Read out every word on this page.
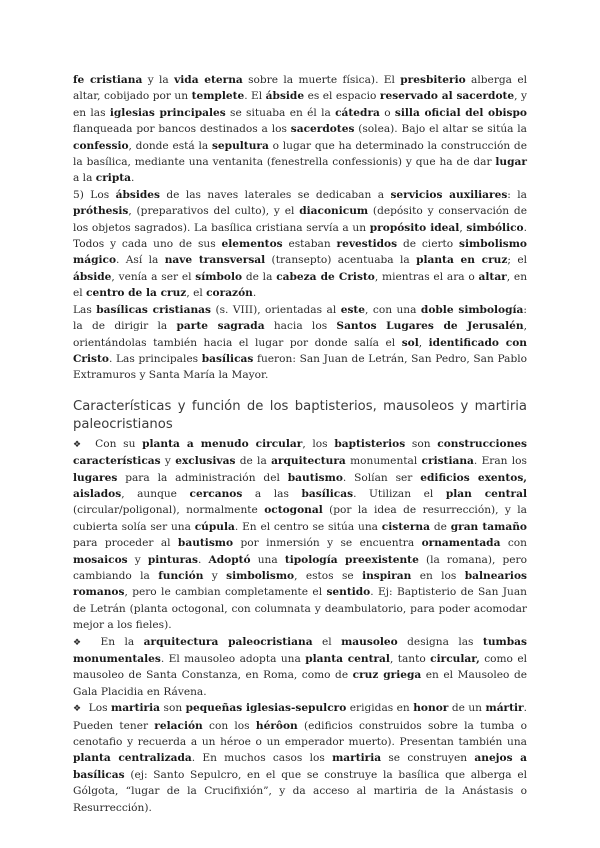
fe cristiana y la vida eterna sobre la muerte física). El presbiterio alberga el altar, cobijado por un templete. El ábside es el espacio reservado al sacerdote, y en las iglesias principales se situaba en él la cátedra o silla oficial del obispo flanqueada por bancos destinados a los sacerdotes (solea). Bajo el altar se sitúa la confessio, donde está la sepultura o lugar que ha determinado la construcción de la basílica, mediante una ventanita (fenestrella confessionis) y que ha de dar lugar a la cripta.

5) Los ábsides de las naves laterales se dedicaban a servicios auxiliares: la próthesis, (preparativos del culto), y el diaconicum (depósito y conservación de los objetos sagrados). La basílica cristiana servía a un propósito ideal, simbólico. Todos y cada uno de sus elementos estaban revestidos de cierto simbolismo mágico. Así la nave transversal (transepto) acentuaba la planta en cruz; el ábside, venía a ser el símbolo de la cabeza de Cristo, mientras el ara o altar, en el centro de la cruz, el corazón.

Las basílicas cristianas (s. VIII), orientadas al este, con una doble simbología: la de dirigir la parte sagrada hacia los Santos Lugares de Jerusalén, orientándolas también hacia el lugar por donde salía el sol, identificado con Cristo. Las principales basílicas fueron: San Juan de Letrán, San Pedro, San Pablo Extramuros y Santa María la Mayor.

Características y función de los baptisterios, mausoleos y martiria paleocristianos

❖ Con su planta a menudo circular, los baptisterios son construcciones características y exclusivas de la arquitectura monumental cristiana. Eran los lugares para la administración del bautismo. Solían ser edificios exentos, aislados, aunque cercanos a las basílicas. Utilizan el plan central (circular/poligonal), normalmente octogonal (por la idea de resurrección), y la cubierta solía ser una cúpula. En el centro se sitúa una cisterna de gran tamaño para proceder al bautismo por inmersión y se encuentra ornamentada con mosaicos y pinturas. Adoptó una tipología preexistente (la romana), pero cambiando la función y simbolismo, estos se inspiran en los balnearios romanos, pero le cambian completamente el sentido. Ej: Baptisterio de San Juan de Letrán (planta octogonal, con columnata y deambulatorio, para poder acomodar mejor a los fieles).

❖ En la arquitectura paleocristiana el mausoleo designa las tumbas monumentales. El mausoleo adopta una planta central, tanto circular, como el mausoleo de Santa Constanza, en Roma, como de cruz griega en el Mausoleo de Gala Placidia en Rávena.

❖ Los martiria son pequeñas iglesias-sepulcro erigidas en honor de un mártir. Pueden tener relación con los hérôon (edificios construidos sobre la tumba o cenotafio y recuerda a un héroe o un emperador muerto). Presentan también una planta centralizada. En muchos casos los martiria se construyen anejos a basílicas (ej: Santo Sepulcro, en el que se construye la basílica que alberga el Gólgota, “lugar de la Crucifixión”, y da acceso al martiria de la Anástasis o Resurrección).
